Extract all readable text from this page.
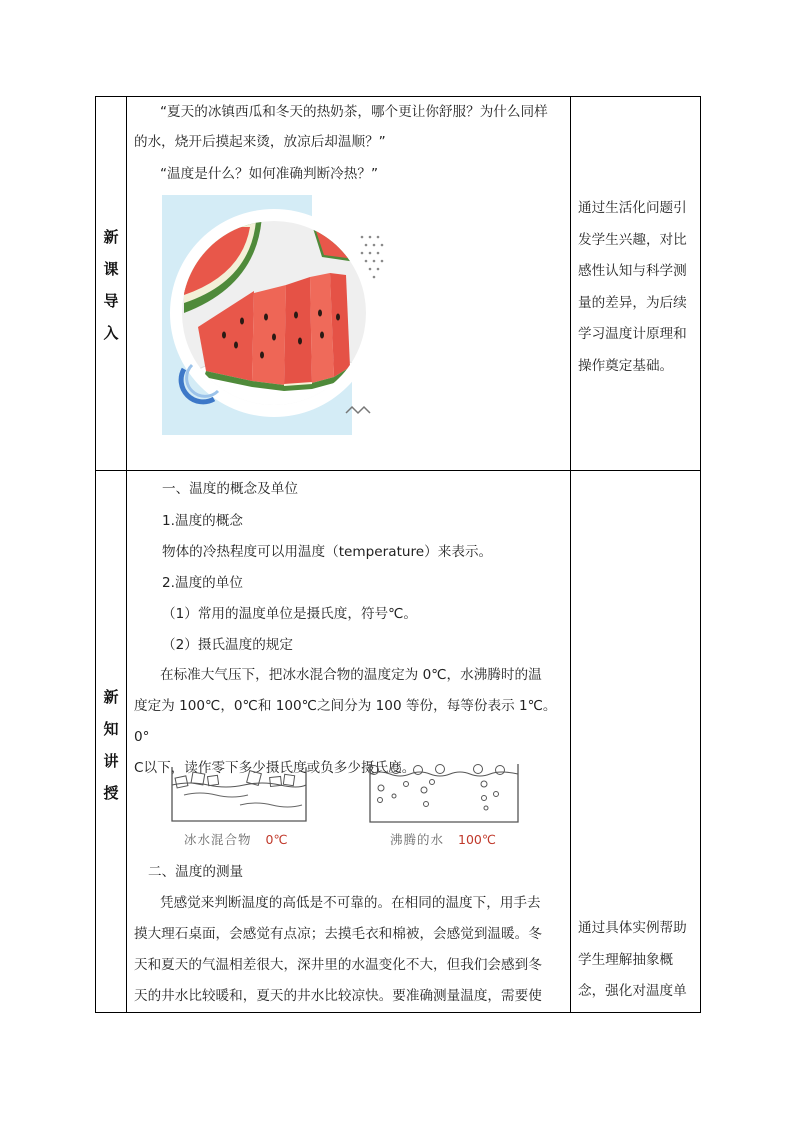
新
课
导
入
“夏天的冰镇西瓜和冬天的热奶茶，哪个更让你舒服？为什么同样
的水，烧开后摸起来烫，放凉后却温顺？”
“温度是什么？如何准确判断冷热？”
通过生活化问题引
发学生兴趣，对比
感性认知与科学测
量的差异，为后续
学习温度计原理和
操作奠定基础。
新
知
讲
授
一、温度的概念及单位
1.温度的概念
物体的冷热程度可以用温度（temperature）来表示。
2.温度的单位
（1）常用的温度单位是摄氏度，符号℃。
（2）摄氏温度的规定
在标准大气压下，把冰水混合物的温度定为 0℃，水沸腾时的温
度定为 100℃，0℃和 100℃之间分为 100 等份，每等份表示 1℃。0°
C以下，读作零下多少摄氏度或负多少摄氏度。
冰水混合物 0℃	沸腾的水 100℃
二、温度的测量
凭感觉来判断温度的高低是不可靠的。在相同的温度下，用手去
摸大理石桌面，会感觉有点凉；去摸毛衣和棉被，会感觉到温暖。冬
天和夏天的气温相差很大，深井里的水温变化不大，但我们会感到冬
天的井水比较暖和，夏天的井水比较凉快。要准确测量温度，需要使
通过具体实例帮助
学生理解抽象概
念，强化对温度单
